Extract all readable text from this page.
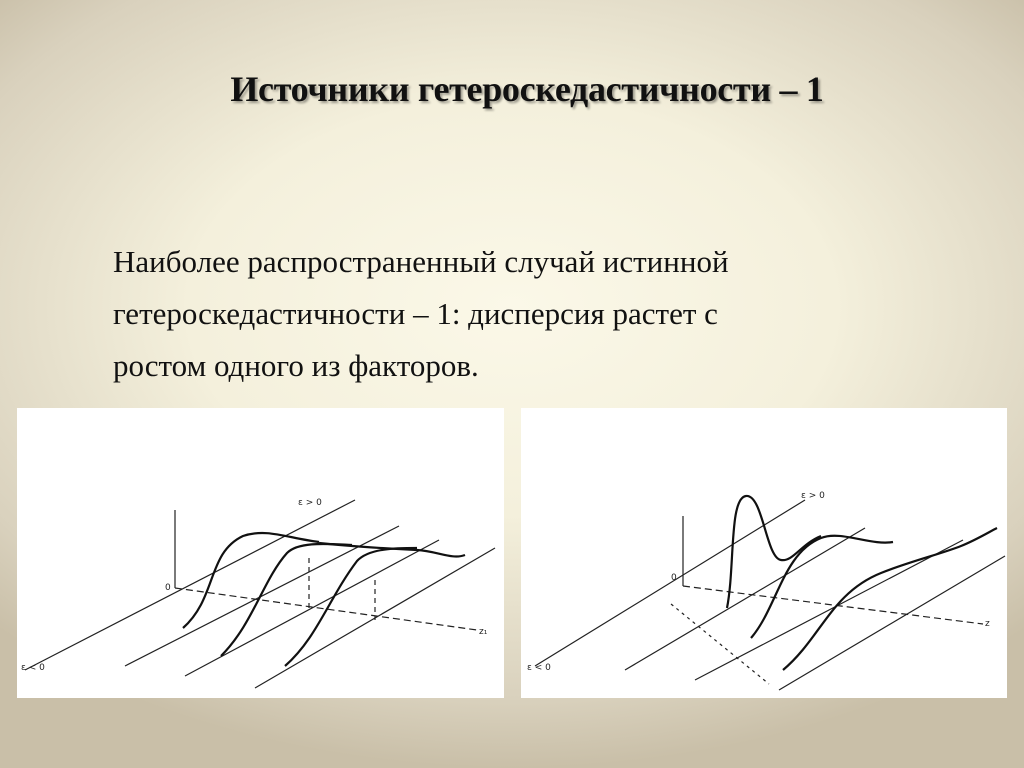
Источники гетероскедастичности – 1
Наиболее распространенный случай истинной
гетероскедастичности – 1: дисперсия растет с
ростом одного из факторов.
ε > 0
ε < 0
0
z₁
ε > 0
ε < 0
0
z
